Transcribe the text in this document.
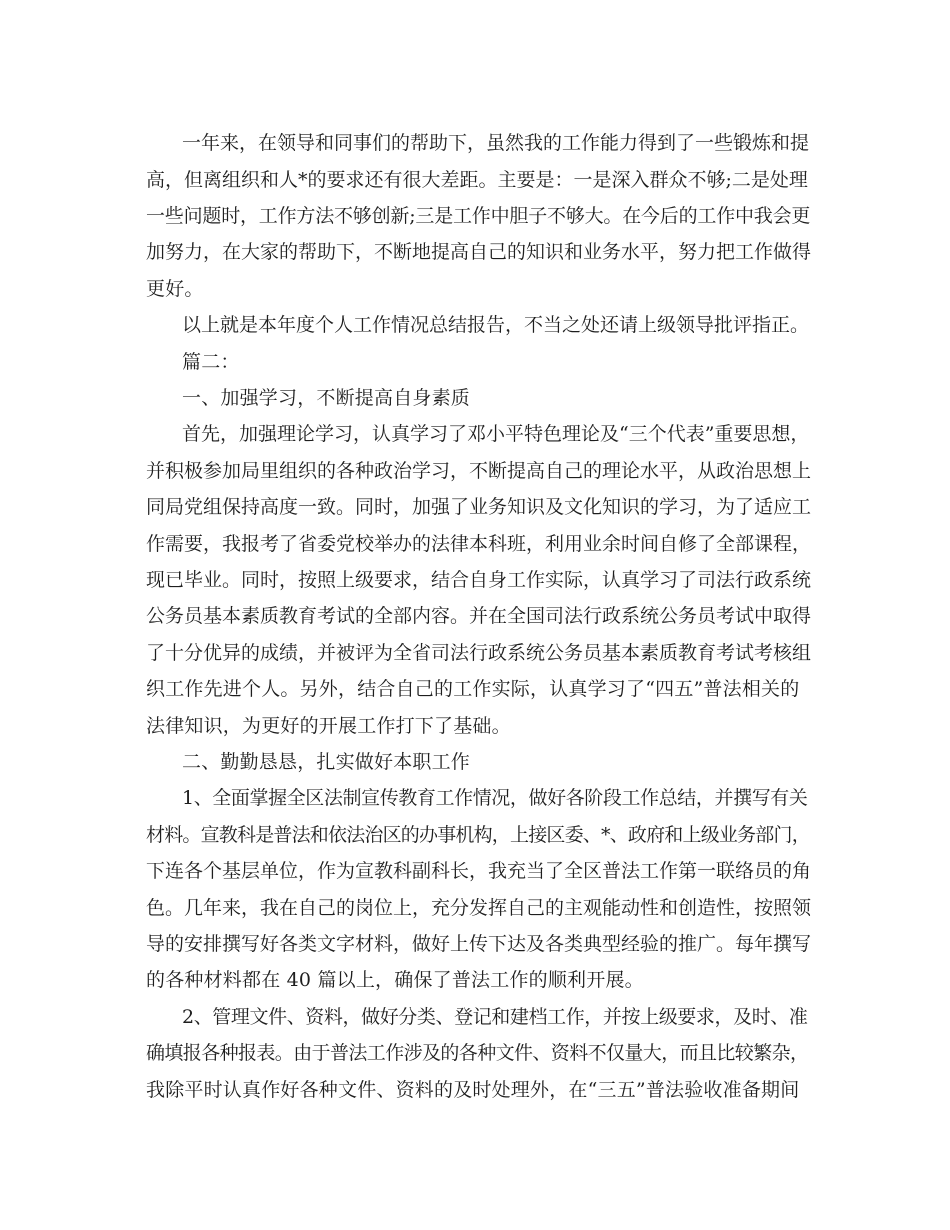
一年来，在领导和同事们的帮助下，虽然我的工作能力得到了一些锻炼和提

高，但离组织和人*的要求还有很大差距。主要是：一是深入群众不够;二是处理

一些问题时，工作方法不够创新;三是工作中胆子不够大。在今后的工作中我会更

加努力，在大家的帮助下，不断地提高自己的知识和业务水平，努力把工作做得

更好。

以上就是本年度个人工作情况总结报告，不当之处还请上级领导批评指正。

篇二：

一、加强学习，不断提高自身素质

首先，加强理论学习，认真学习了邓小平特色理论及“三个代表”重要思想，

并积极参加局里组织的各种政治学习，不断提高自己的理论水平，从政治思想上

同局党组保持高度一致。同时，加强了业务知识及文化知识的学习，为了适应工

作需要，我报考了省委党校举办的法律本科班，利用业余时间自修了全部课程，

现已毕业。同时，按照上级要求，结合自身工作实际，认真学习了司法行政系统

公务员基本素质教育考试的全部内容。并在全国司法行政系统公务员考试中取得

了十分优异的成绩，并被评为全省司法行政系统公务员基本素质教育考试考核组

织工作先进个人。另外，结合自己的工作实际，认真学习了“四五”普法相关的

法律知识，为更好的开展工作打下了基础。

二、勤勤恳恳，扎实做好本职工作

1、全面掌握全区法制宣传教育工作情况，做好各阶段工作总结，并撰写有关

材料。宣教科是普法和依法治区的办事机构，上接区委、*、政府和上级业务部门，

下连各个基层单位，作为宣教科副科长，我充当了全区普法工作第一联络员的角

色。几年来，我在自己的岗位上，充分发挥自己的主观能动性和创造性，按照领

导的安排撰写好各类文字材料，做好上传下达及各类典型经验的推广。每年撰写

的各种材料都在 40 篇以上，确保了普法工作的顺利开展。

2、管理文件、资料，做好分类、登记和建档工作，并按上级要求，及时、准

确填报各种报表。由于普法工作涉及的各种文件、资料不仅量大，而且比较繁杂，

我除平时认真作好各种文件、资料的及时处理外，在“三五”普法验收准备期间
